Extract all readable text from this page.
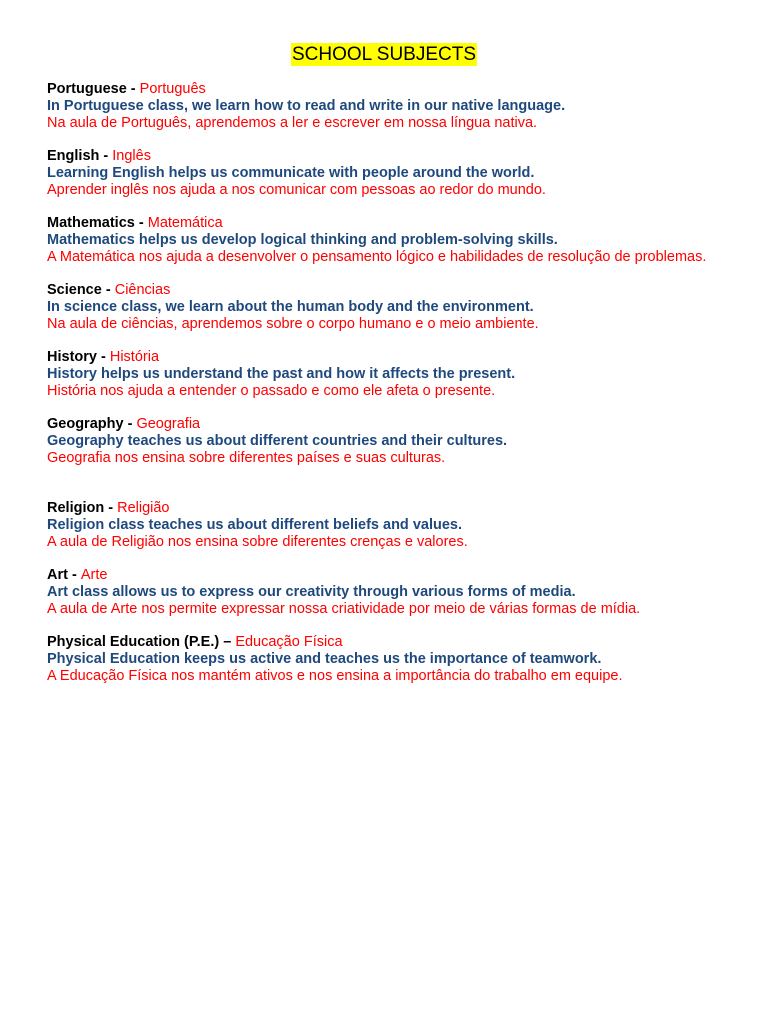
SCHOOL SUBJECTS
Portuguese - Português
In Portuguese class, we learn how to read and write in our native language.
Na aula de Português, aprendemos a ler e escrever em nossa língua nativa.
English - Inglês
Learning English helps us communicate with people around the world.
Aprender inglês nos ajuda a nos comunicar com pessoas ao redor do mundo.
Mathematics - Matemática
Mathematics helps us develop logical thinking and problem-solving skills.
A Matemática nos ajuda a desenvolver o pensamento lógico e habilidades de resolução de problemas.
Science - Ciências
In science class, we learn about the human body and the environment.
Na aula de ciências, aprendemos sobre o corpo humano e o meio ambiente.
History - História
History helps us understand the past and how it affects the present.
História nos ajuda a entender o passado e como ele afeta o presente.
Geography - Geografia
Geography teaches us about different countries and their cultures.
Geografia nos ensina sobre diferentes países e suas culturas.
Religion - Religião
Religion class teaches us about different beliefs and values.
A aula de Religião nos ensina sobre diferentes crenças e valores.
Art - Arte
Art class allows us to express our creativity through various forms of media.
A aula de Arte nos permite expressar nossa criatividade por meio de várias formas de mídia.
Physical Education (P.E.) – Educação Física
Physical Education keeps us active and teaches us the importance of teamwork.
A Educação Física nos mantém ativos e nos ensina a importância do trabalho em equipe.
